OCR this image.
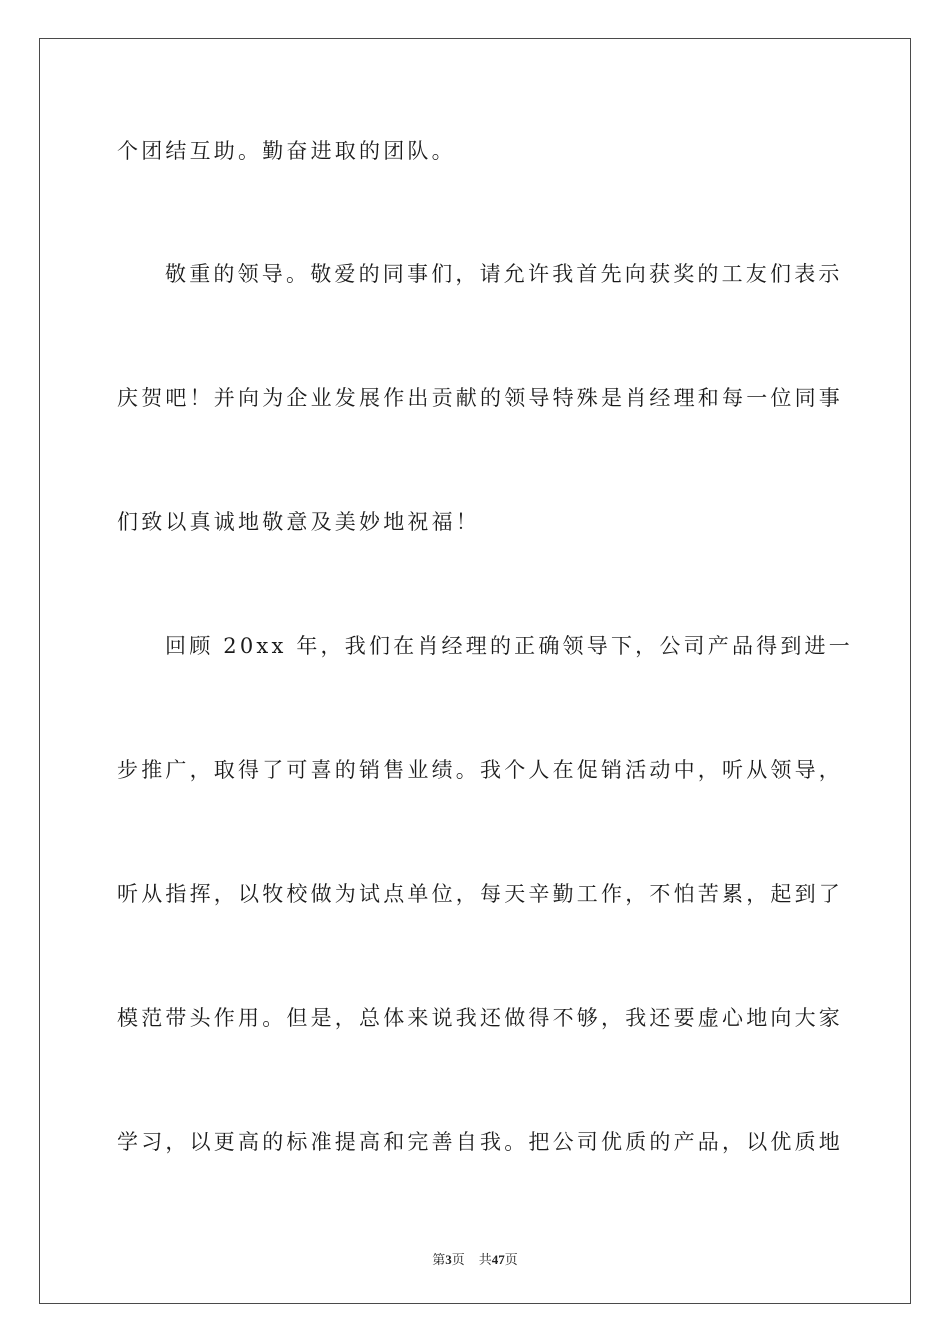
个团结互助。勤奋进取的团队。
敬重的领导。敬爱的同事们，请允许我首先向获奖的工友们表示
庆贺吧！并向为企业发展作出贡献的领导特殊是肖经理和每一位同事
们致以真诚地敬意及美妙地祝福！
回顾 20xx 年，我们在肖经理的正确领导下，公司产品得到进一
步推广，取得了可喜的销售业绩。我个人在促销活动中，听从领导，
听从指挥，以牧校做为试点单位，每天辛勤工作，不怕苦累，起到了
模范带头作用。但是，总体来说我还做得不够，我还要虚心地向大家
学习，以更高的标准提高和完善自我。把公司优质的产品，以优质地
第3页 共47页
